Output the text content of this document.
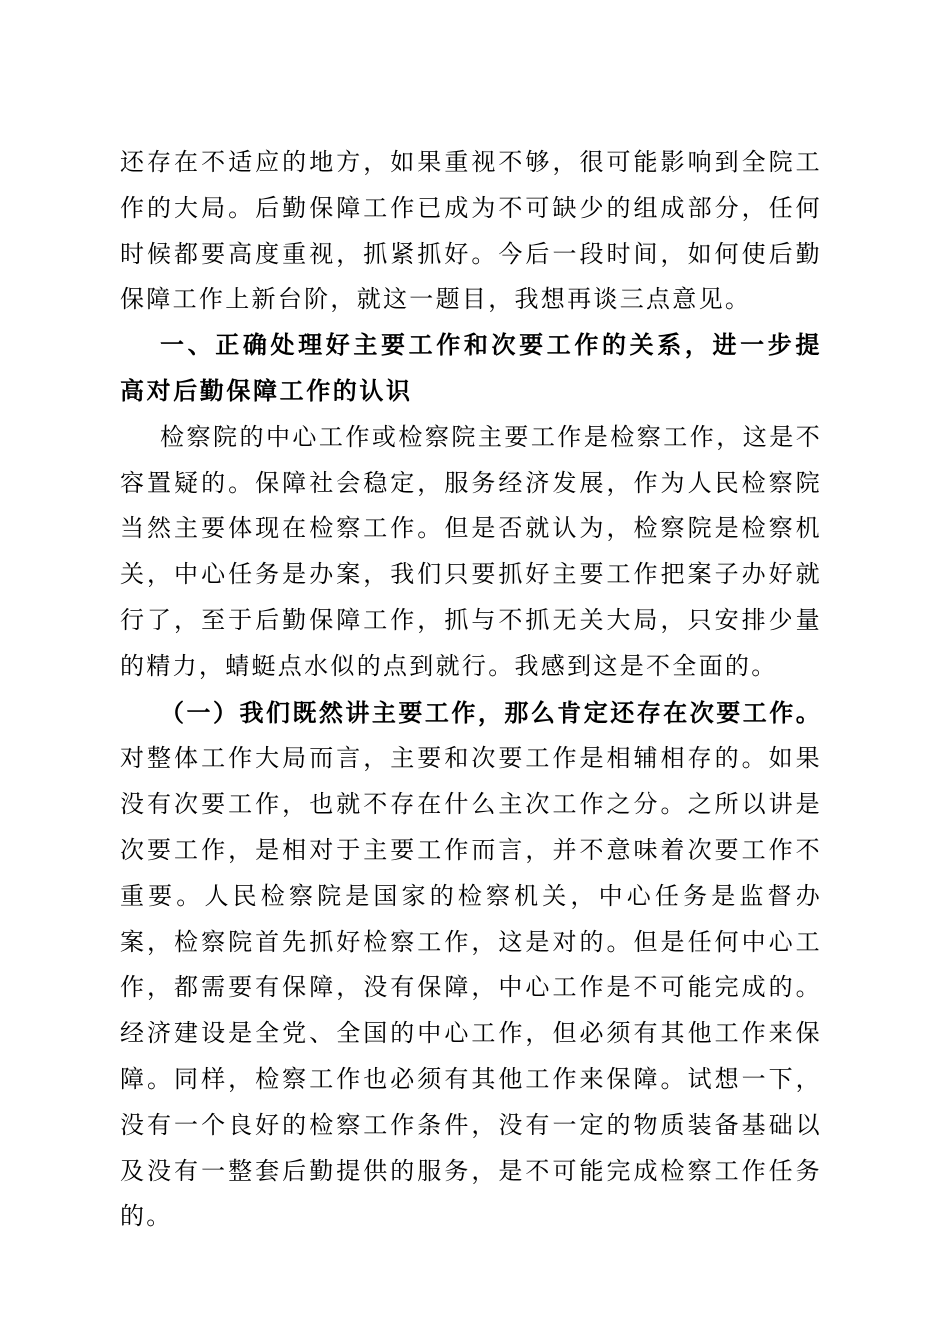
还存在不适应的地方，如果重视不够，很可能影响到全院工作的大局。后勤保障工作已成为不可缺少的组成部分，任何时候都要高度重视，抓紧抓好。今后一段时间，如何使后勤保障工作上新台阶，就这一题目，我想再谈三点意见。

一、正确处理好主要工作和次要工作的关系，进一步提高对后勤保障工作的认识

检察院的中心工作或检察院主要工作是检察工作，这是不容置疑的。保障社会稳定，服务经济发展，作为人民检察院当然主要体现在检察工作。但是否就认为，检察院是检察机关，中心任务是办案，我们只要抓好主要工作把案子办好就行了，至于后勤保障工作，抓与不抓无关大局，只安排少量的精力，蜻蜓点水似的点到就行。我感到这是不全面的。

（一）我们既然讲主要工作，那么肯定还存在次要工作。对整体工作大局而言，主要和次要工作是相辅相存的。如果没有次要工作，也就不存在什么主次工作之分。之所以讲是次要工作，是相对于主要工作而言，并不意味着次要工作不重要。人民检察院是国家的检察机关，中心任务是监督办案，检察院首先抓好检察工作，这是对的。但是任何中心工作，都需要有保障，没有保障，中心工作是不可能完成的。经济建设是全党、全国的中心工作，但必须有其他工作来保障。同样，检察工作也必须有其他工作来保障。试想一下，没有一个良好的检察工作条件，没有一定的物质装备基础以及没有一整套后勤提供的服务，是不可能完成检察工作任务的。
